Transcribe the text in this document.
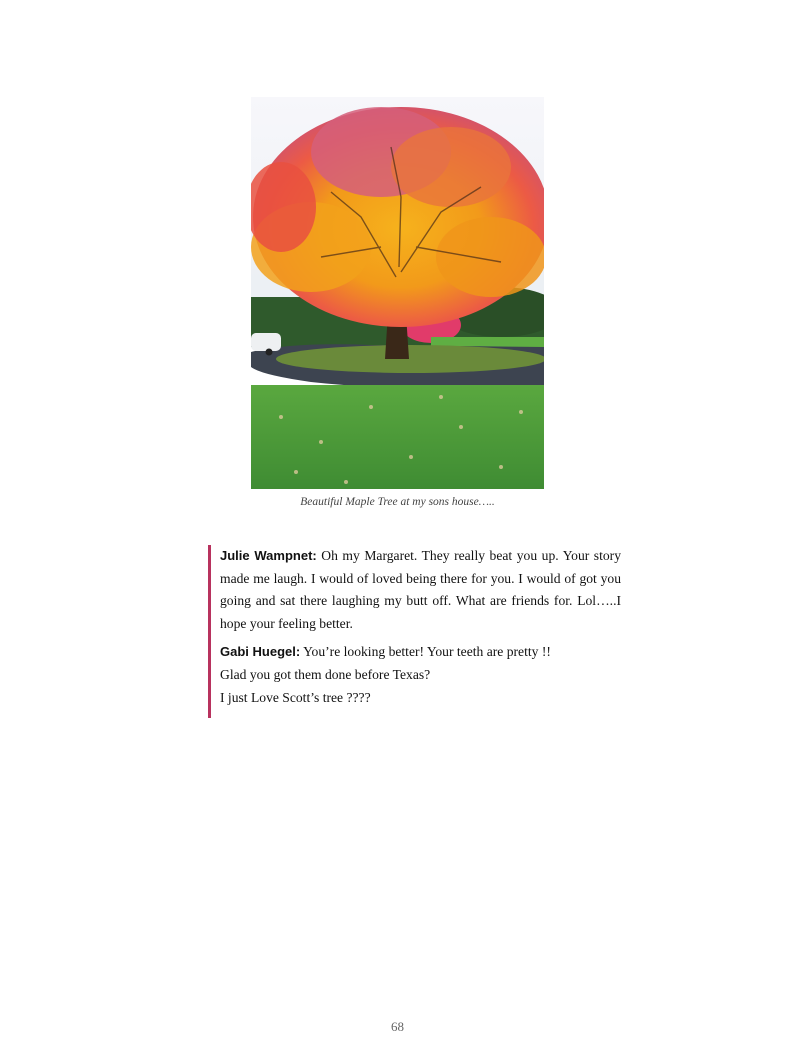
Beautiful Maple Tree at my sons house…..

Julie Wampnet: Oh my Margaret. They really beat you up. Your story made me laugh. I would of loved being there for you. I would of got you going and sat there laughing my butt off. What are friends for. Lol…..I hope your feeling better.

Gabi Huegel: You’re looking better! Your teeth are pretty !!
Glad you got them done before Texas?
I just Love Scott’s tree ????

68
